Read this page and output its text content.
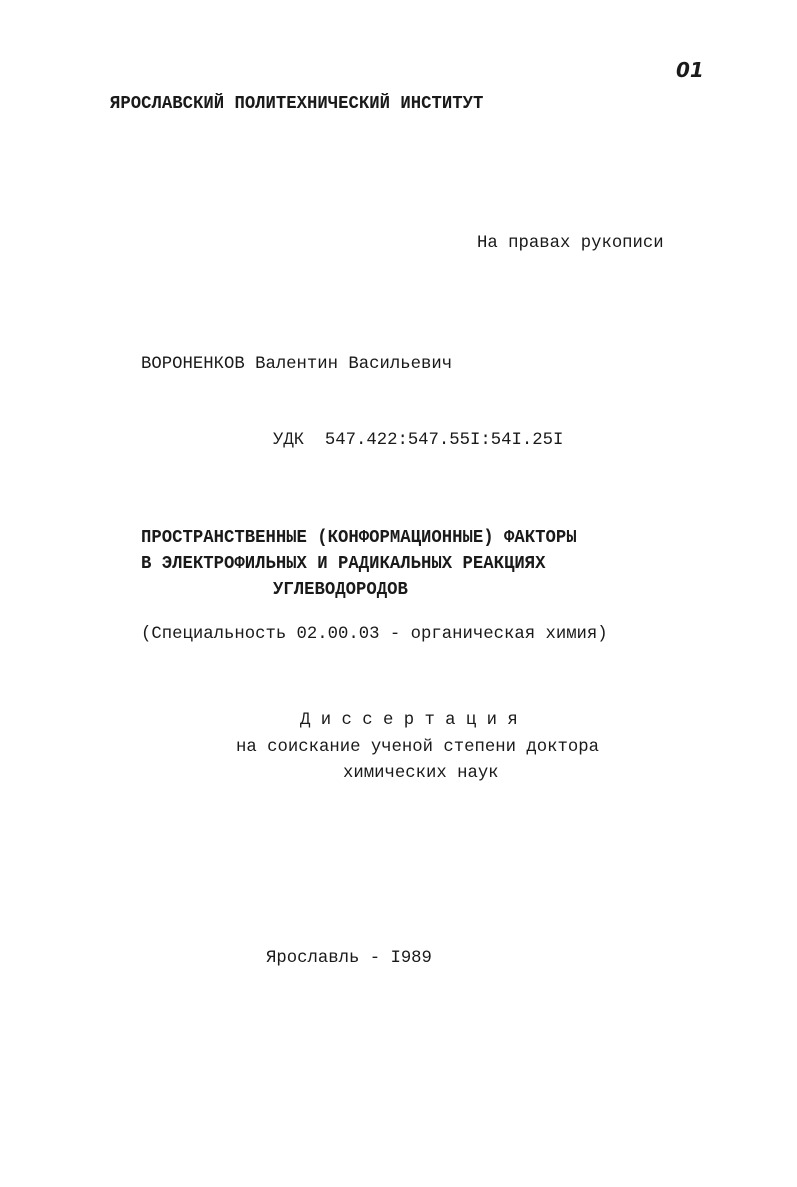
01
ЯРОСЛАВСКИЙ ПОЛИТЕХНИЧЕСКИЙ ИНСТИТУТ
На правах рукописи
ВОРОНЕНКОВ Валентин Васильевич
УДК  547.422:547.55I:54I.25I
ПРОСТРАНСТВЕННЫЕ (КОНФОРМАЦИОННЫЕ) ФАКТОРЫ
В ЭЛЕКТРОФИЛЬНЫХ И РАДИКАЛЬНЫХ РЕАКЦИЯХ
УГЛЕВОДОРОДОВ
(Специальность 02.00.03 - органическая химия)
Д и с с е р т а ц и я
на соискание ученой степени доктора
химических наук
Ярославль - I989
